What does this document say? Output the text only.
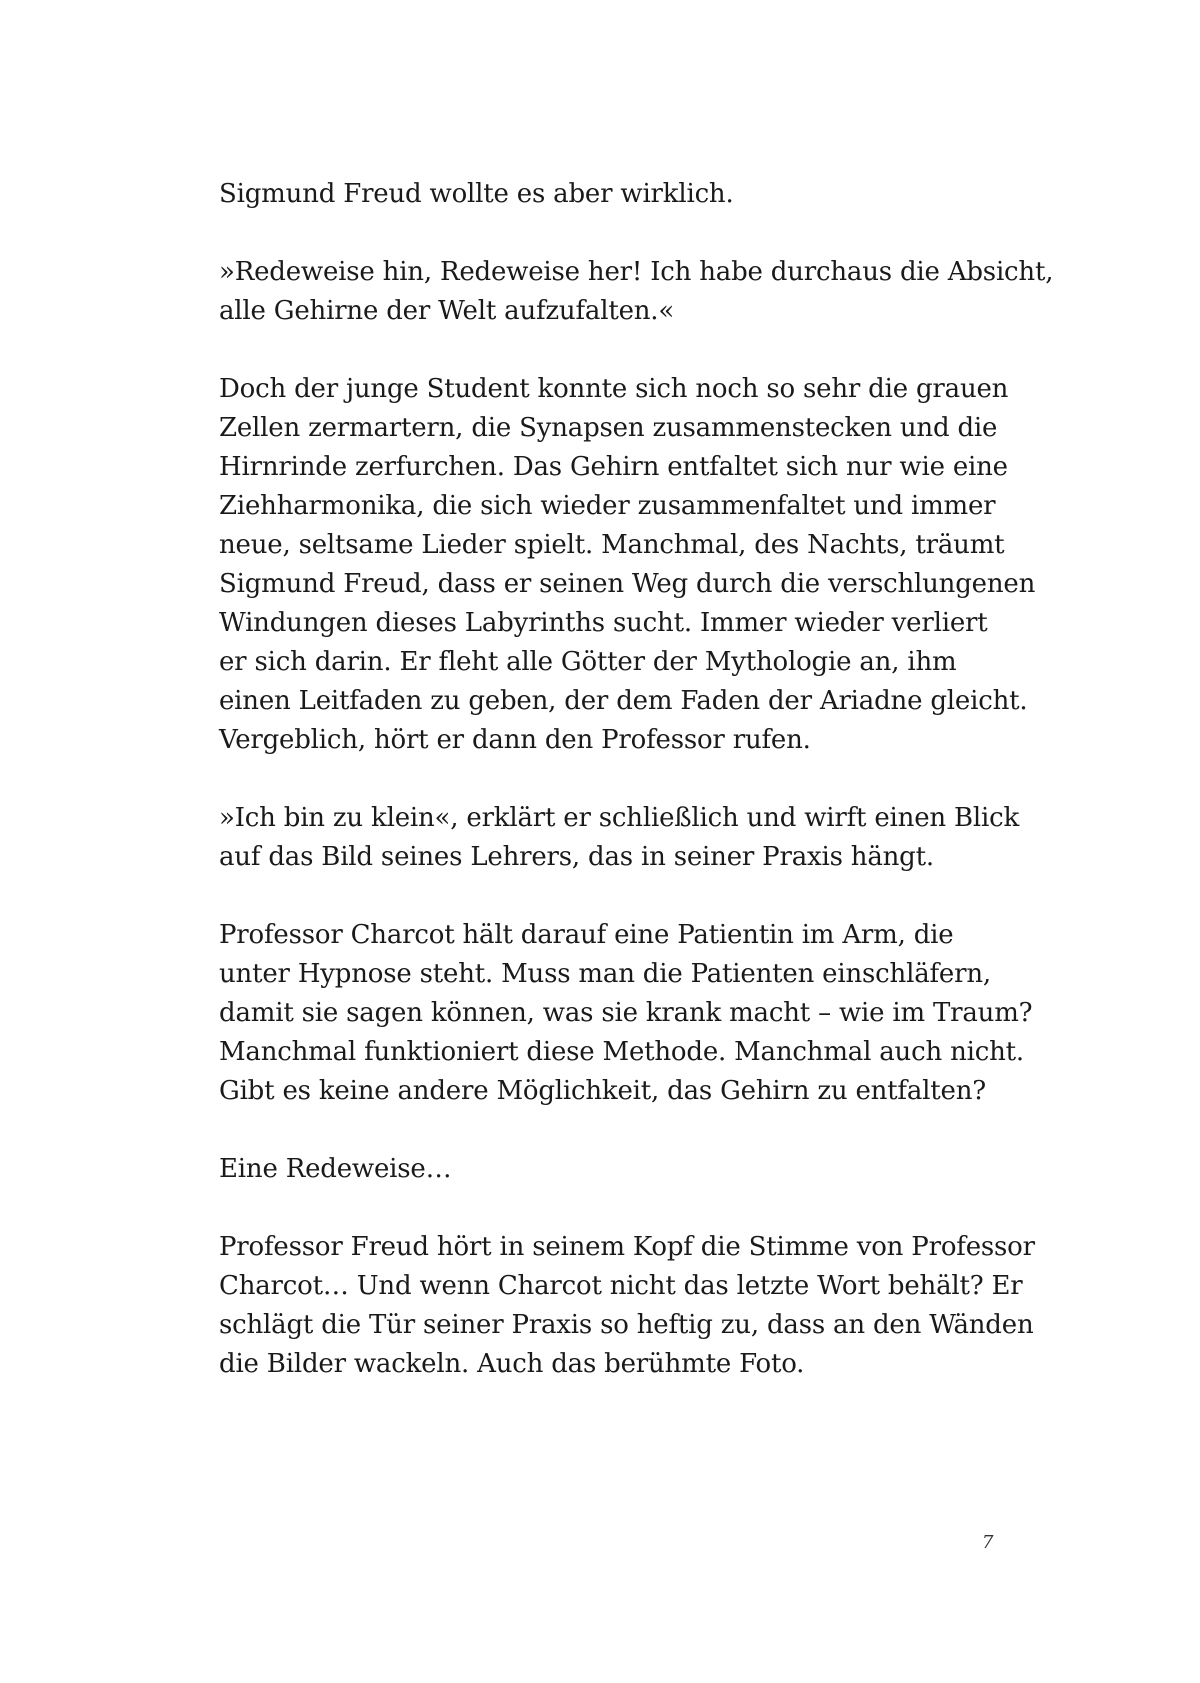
Sigmund Freud wollte es aber wirklich.

»Redeweise hin, Redeweise her! Ich habe durchaus die Absicht,
alle Gehirne der Welt aufzufalten.«

Doch der junge Student konnte sich noch so sehr die grauen
Zellen zermartern, die Synapsen zusammenstecken und die
Hirnrinde zerfurchen. Das Gehirn entfaltet sich nur wie eine
Ziehharmonika, die sich wieder zusammenfaltet und immer
neue, seltsame Lieder spielt. Manchmal, des Nachts, träumt
Sigmund Freud, dass er seinen Weg durch die verschlungenen
Windungen dieses Labyrinths sucht. Immer wieder verliert
er sich darin. Er fleht alle Götter der Mythologie an, ihm
einen Leitfaden zu geben, der dem Faden der Ariadne gleicht.
Vergeblich, hört er dann den Professor rufen.

»Ich bin zu klein«, erklärt er schließlich und wirft einen Blick
auf das Bild seines Lehrers, das in seiner Praxis hängt.

Professor Charcot hält darauf eine Patientin im Arm, die
unter Hypnose steht. Muss man die Patienten einschläfern,
damit sie sagen können, was sie krank macht – wie im Traum?
Manchmal funktioniert diese Methode. Manchmal auch nicht.
Gibt es keine andere Möglichkeit, das Gehirn zu entfalten?

Eine Redeweise…

Professor Freud hört in seinem Kopf die Stimme von Professor
Charcot… Und wenn Charcot nicht das letzte Wort behält? Er
schlägt die Tür seiner Praxis so heftig zu, dass an den Wänden
die Bilder wackeln. Auch das berühmte Foto.

7
